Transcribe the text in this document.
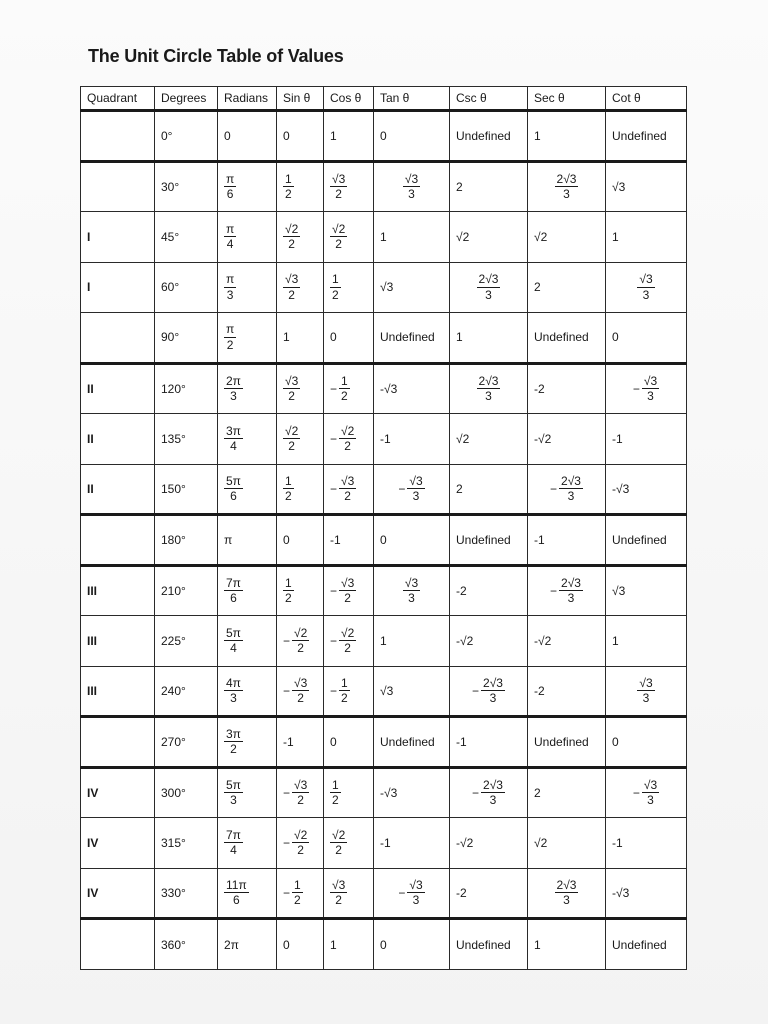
The Unit Circle Table of Values
Quadrant	Degrees	Radians	Sin θ	Cos θ	Tan θ	Csc θ	Sec θ	Cot θ
	0°	0	0	1	0	Undefined	1	Undefined
	30°	$\frac{\pi}{6}$	$\frac{1}{2}$	$\frac{√3}{2}$	$\frac{√3}{3}$	2	$\frac{2√3}{3}$	√3
I	45°	$\frac{\pi}{4}$	$\frac{√2}{2}$	$\frac{√2}{2}$	1	√2	√2	1
I	60°	$\frac{\pi}{3}$	$\frac{√3}{2}$	$\frac{1}{2}$	√3	$\frac{2√3}{3}$	2	$\frac{√3}{3}$

	90°	$\frac{\pi}{2}$	1	0	Undefined	1	Undefined	0
II	120°	$\frac{2\pi}{3}$	$\frac{√3}{2}$	− $\frac{1}{2}$	-√3	$\frac{2√3}{3}$	-2	− $\frac{√3}{3}$

II	135°	$\frac{3\pi}{4}$	$\frac{√2}{2}$	− $\frac{√2}{2}$	-1	√2	-√2	-1
II	150°	$\frac{5\pi}{6}$	$\frac{1}{2}$	− $\frac{√3}{2}$	− $\frac{√3}{3}$	2	− $\frac{2√3}{3}$	-√3
	180°	π	0	-1	0	Undefined	-1	Undefined
III	210°	$\frac{7\pi}{6}$	$\frac{1}{2}$	− $\frac{√3}{2}$	$\frac{√3}{3}$	-2	− $\frac{2√3}{3}$	√3
III	225°	$\frac{5\pi}{4}$	− $\frac{√2}{2}$	− $\frac{√2}{2}$	1	-√2	-√2	1
III	240°	$\frac{4\pi}{3}$	− $\frac{√3}{2}$	− $\frac{1}{2}$	√3	− $\frac{2√3}{3}$	-2	$\frac{√3}{3}$

	270°	$\frac{3\pi}{2}$	-1	0	Undefined	-1	Undefined	0
IV	300°	$\frac{5\pi}{3}$	− $\frac{√3}{2}$	$\frac{1}{2}$	-√3	− $\frac{2√3}{3}$	2	− $\frac{√3}{3}$

IV	315°	$\frac{7\pi}{4}$	− $\frac{√2}{2}$	$\frac{√2}{2}$	-1	-√2	√2	-1
IV	330°	$\frac{11\pi}{6}$	− $\frac{1}{2}$	$\frac{√3}{2}$	− $\frac{√3}{3}$	-2	$\frac{2√3}{3}$	-√3
	360°	2π	0	1	0	Undefined	1	Undefined
